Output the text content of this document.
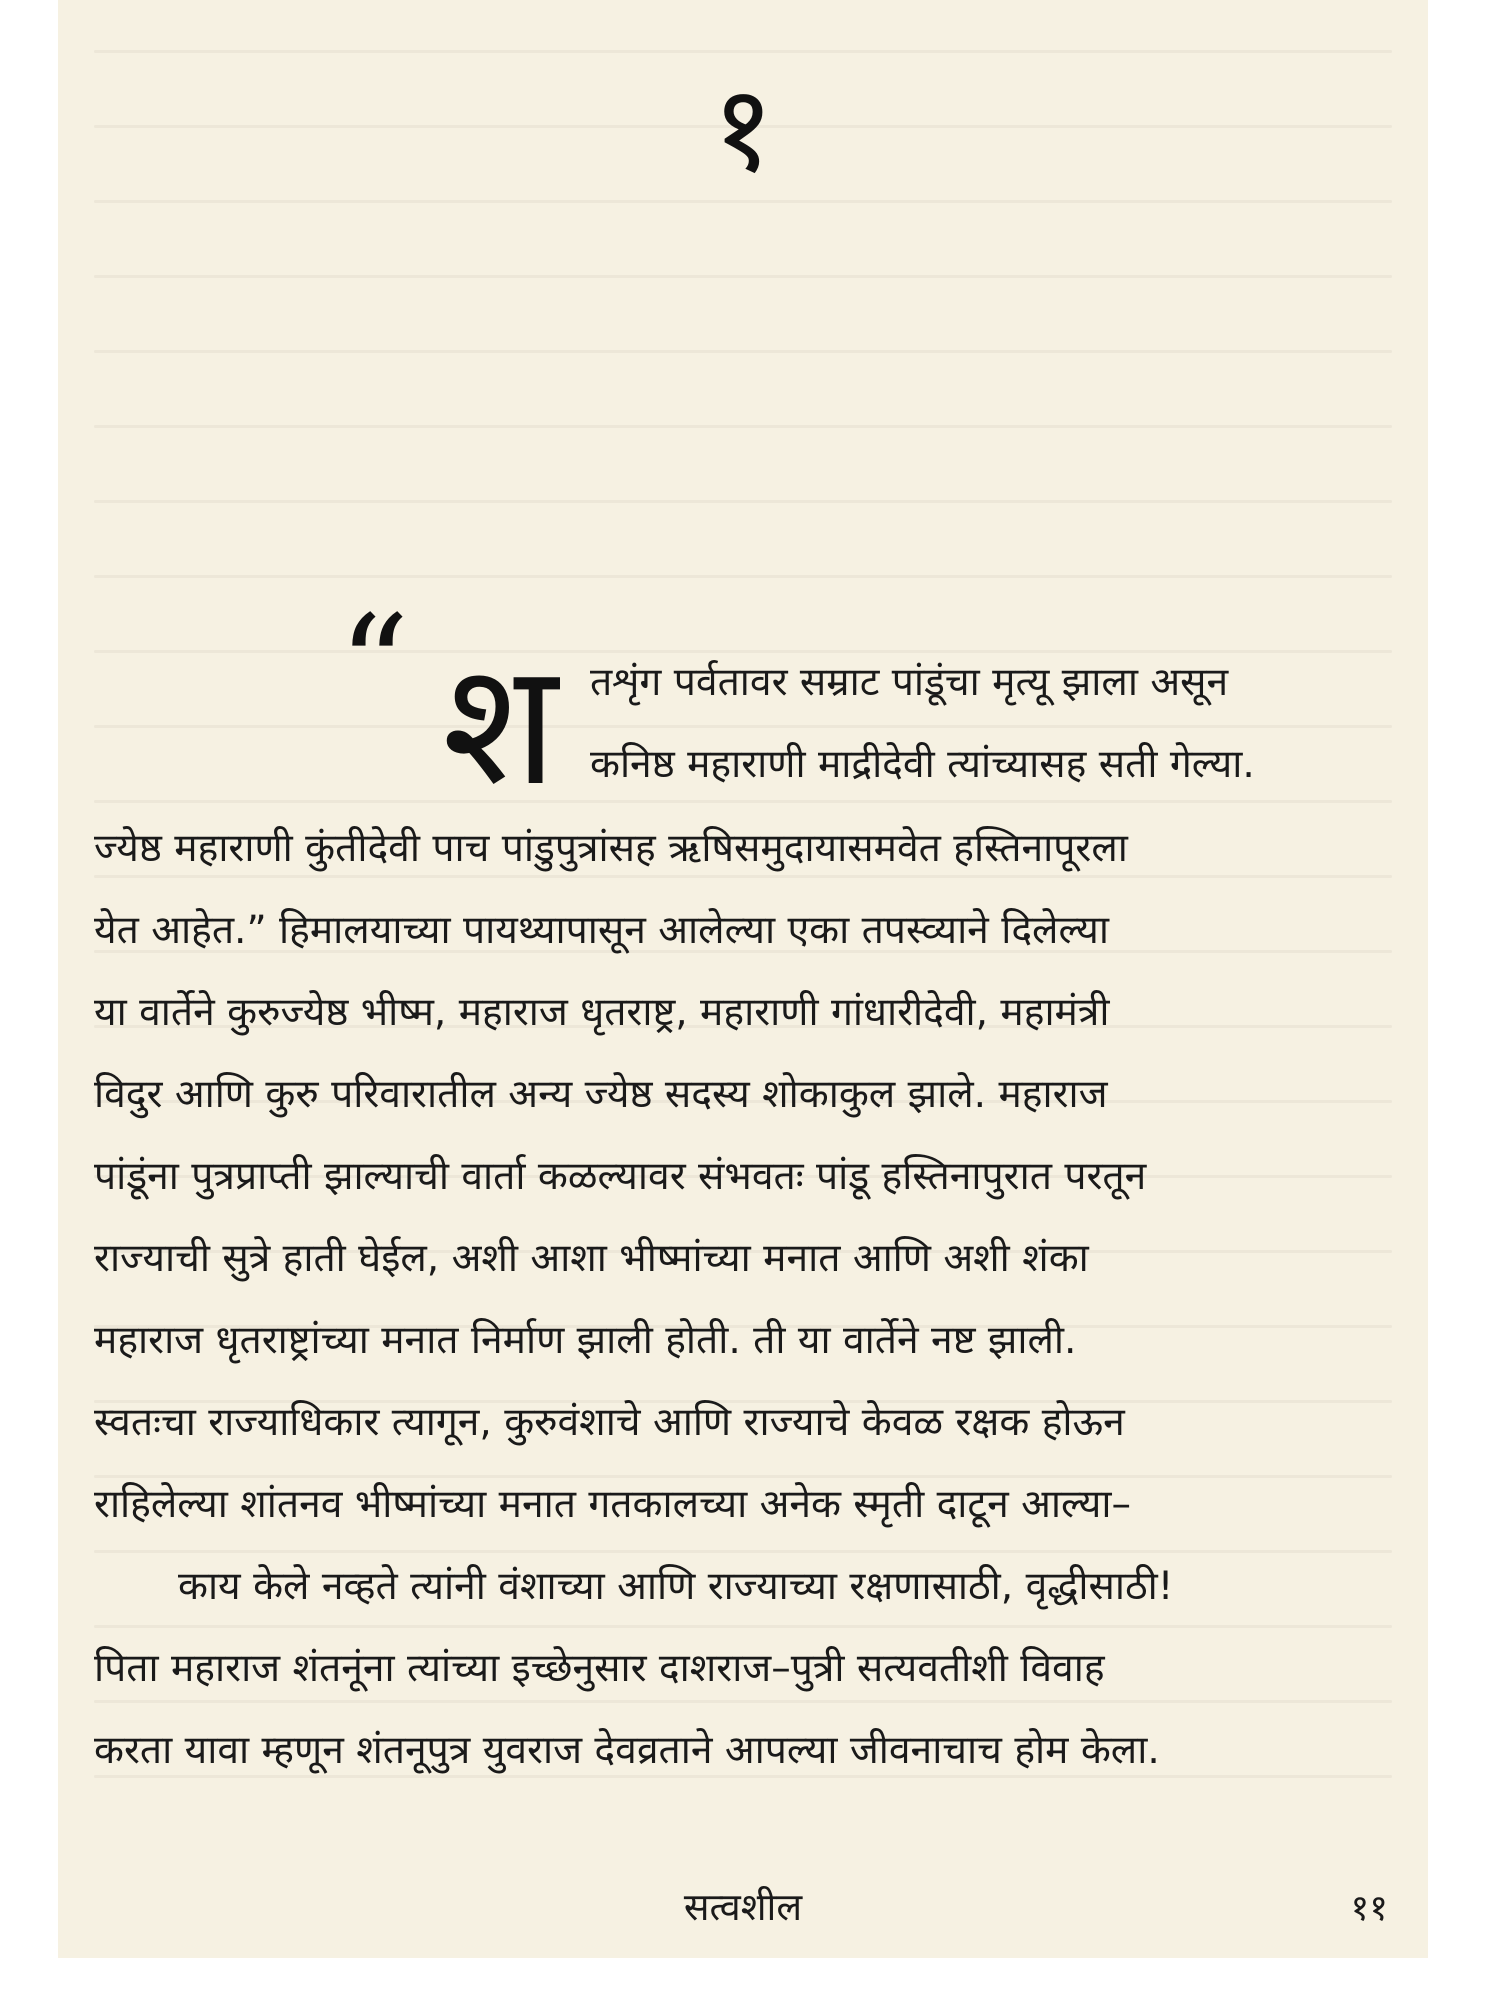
१
“ श तशृंग पर्वतावर सम्राट पांडूंचा मृत्यू झाला असून
कनिष्ठ महाराणी माद्रीदेवी त्यांच्यासह सती गेल्या.
ज्येष्ठ महाराणी कुंतीदेवी पाच पांडुपुत्रांसह ऋषिसमुदायासमवेत हस्तिनापूरला
येत आहेत.” हिमालयाच्या पायथ्यापासून आलेल्या एका तपस्व्याने दिलेल्या
या वार्तेने कुरुज्येष्ठ भीष्म, महाराज धृतराष्ट्र, महाराणी गांधारीदेवी, महामंत्री
विदुर आणि कुरु परिवारातील अन्य ज्येष्ठ सदस्य शोकाकुल झाले. महाराज
पांडूंना पुत्रप्राप्ती झाल्याची वार्ता कळल्यावर संभवतः पांडू हस्तिनापुरात परतून
राज्याची सुत्रे हाती घेईल, अशी आशा भीष्मांच्या मनात आणि अशी शंका
महाराज धृतराष्ट्रांच्या मनात निर्माण झाली होती. ती या वार्तेने नष्ट झाली.
स्वतःचा राज्याधिकार त्यागून, कुरुवंशाचे आणि राज्याचे केवळ रक्षक होऊन
राहिलेल्या शांतनव भीष्मांच्या मनात गतकालच्या अनेक स्मृती दाटून आल्या–
काय केले नव्हते त्यांनी वंशाच्या आणि राज्याच्या रक्षणासाठी, वृद्धीसाठी!
पिता महाराज शंतनूंना त्यांच्या इच्छेनुसार दाशराज–पुत्री सत्यवतीशी विवाह
करता यावा म्हणून शंतनूपुत्र युवराज देवव्रताने आपल्या जीवनाचाच होम केला.
सत्वशील	११
